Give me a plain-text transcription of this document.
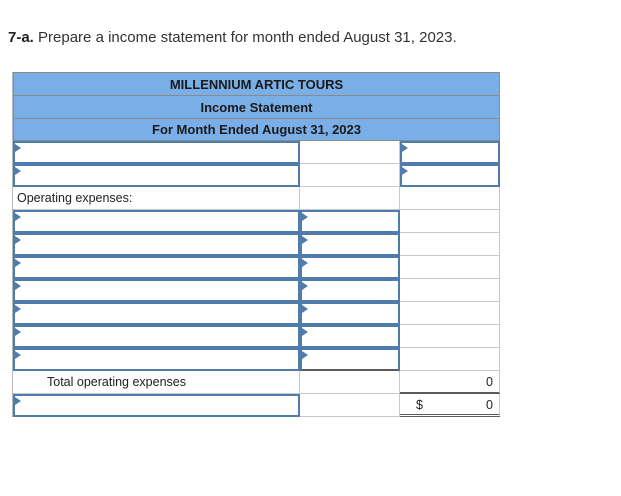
7-a. Prepare a income statement for month ended August 31, 2023.
MILLENNIUM ARTIC TOURS
Income Statement
For Month Ended August 31, 2023
Operating expenses:
Total operating expenses	0
$	0
